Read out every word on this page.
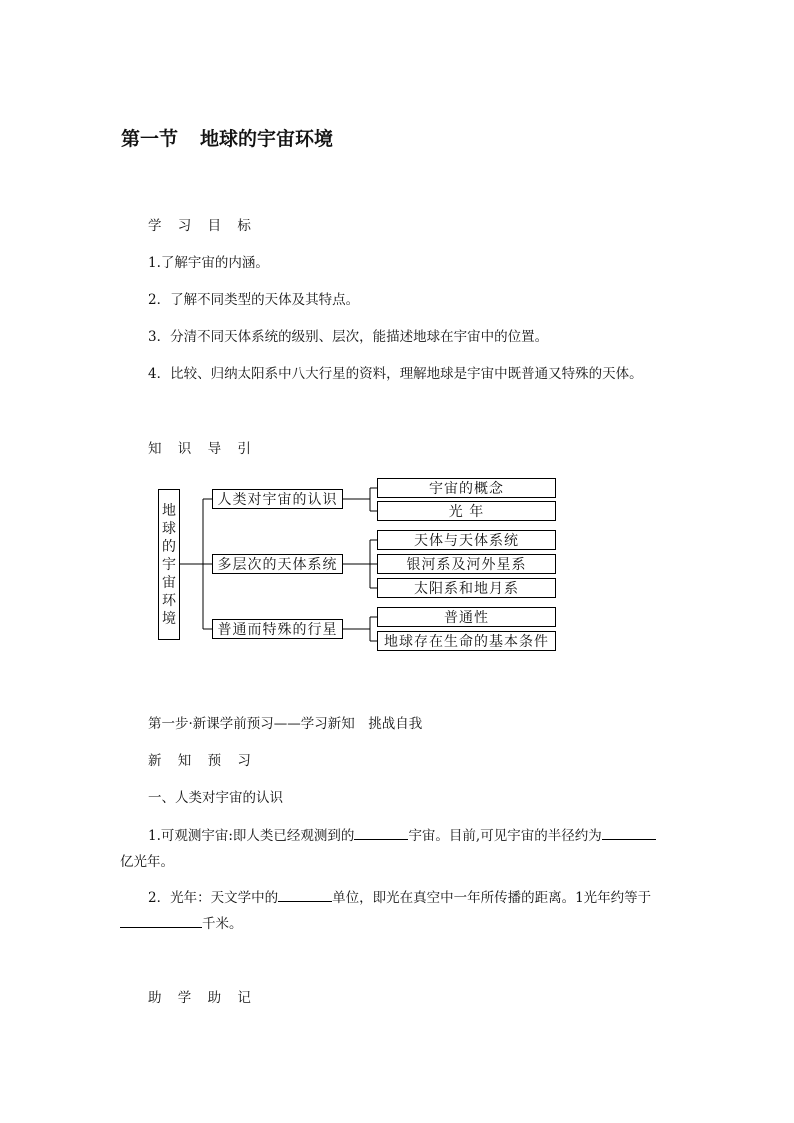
第一节 地球的宇宙环境
学 习 目 标
1.了解宇宙的内涵。
2．了解不同类型的天体及其特点。
3．分清不同天体系统的级别、层次，能描述地球在宇宙中的位置。
4．比较、归纳太阳系中八大行星的资料，理解地球是宇宙中既普通又特殊的天体。
知 识 导 引
地
球
的
宇
宙
环
境
人类对宇宙的认识
多层次的天体系统
普通而特殊的行星
宇宙的概念
光 年
天体与天体系统
银河系及河外星系
太阳系和地月系
普通性
地球存在生命的基本条件
第一步·新课学前预习——学习新知　挑战自我
新 知 预 习
一、人类对宇宙的认识
1.可观测宇宙:即人类已经观测到的	宇宙。目前,可见宇宙的半径约为
亿光年。
2．光年：天文学中的	单位，即光在真空中一年所传播的距离。1光年约等于
千米。
助 学 助 记
